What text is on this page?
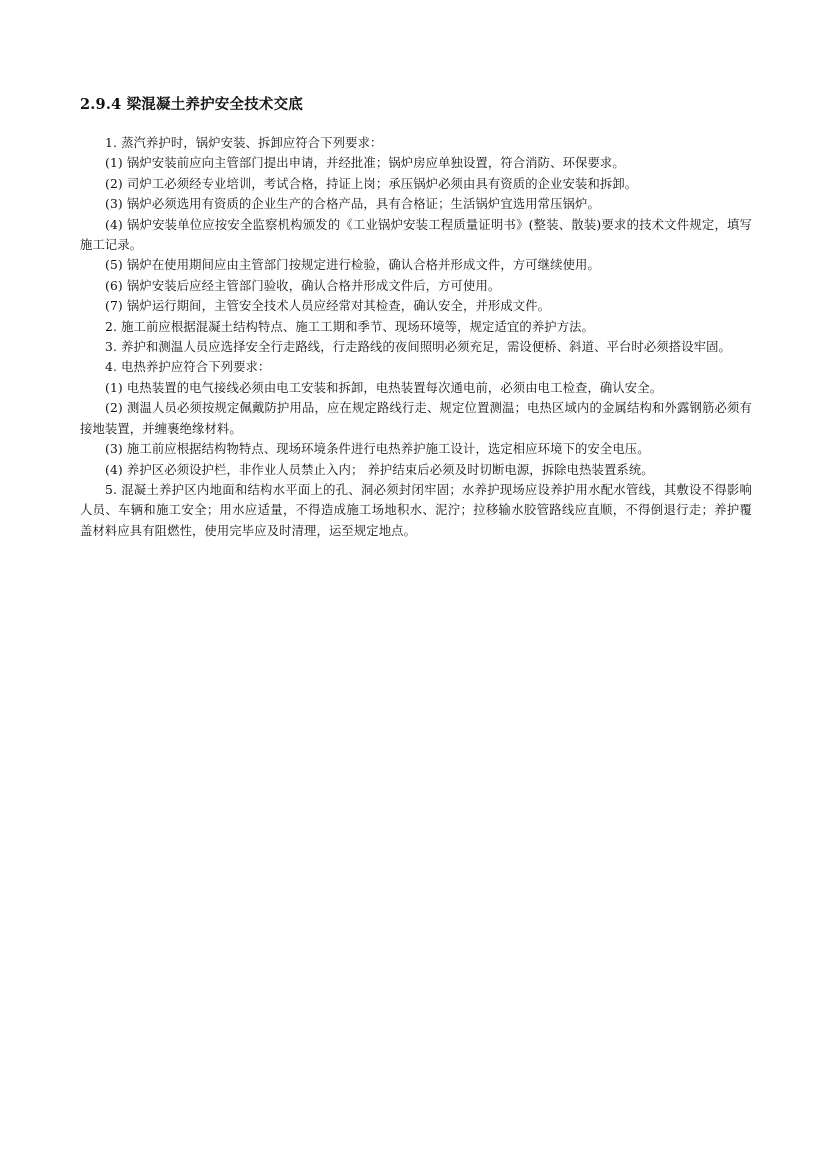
2.9.4 梁混凝土养护安全技术交底

1. 蒸汽养护时，锅炉安装、拆卸应符合下列要求：

(1) 锅炉安装前应向主管部门提出申请，并经批准；锅炉房应单独设置，符合消防、环保要求。

(2) 司炉工必须经专业培训，考试合格，持证上岗；承压锅炉必须由具有资质的企业安装和拆卸。

(3) 锅炉必须选用有资质的企业生产的合格产品，具有合格证；生活锅炉宜选用常压锅炉。

(4) 锅炉安装单位应按安全监察机构颁发的《工业锅炉安装工程质量证明书》(整装、散装)要求的技术文件规定，填写施工记录。

(5) 锅炉在使用期间应由主管部门按规定进行检验，确认合格并形成文件，方可继续使用。

(6) 锅炉安装后应经主管部门验收，确认合格并形成文件后，方可使用。

(7) 锅炉运行期间，主管安全技术人员应经常对其检查，确认安全，并形成文件。

2. 施工前应根据混凝土结构特点、施工工期和季节、现场环境等，规定适宜的养护方法。

3. 养护和测温人员应选择安全行走路线，行走路线的夜间照明必须充足，需设便桥、斜道、平台时必须搭设牢固。

4. 电热养护应符合下列要求：

(1) 电热装置的电气接线必须由电工安装和拆卸，电热装置每次通电前，必须由电工检查，确认安全。

(2) 测温人员必须按规定佩戴防护用品，应在规定路线行走、规定位置测温；电热区域内的金属结构和外露钢筋必须有接地装置，并缠裹绝缘材料。

(3) 施工前应根据结构物特点、现场环境条件进行电热养护施工设计，选定相应环境下的安全电压。

(4) 养护区必须设护栏，非作业人员禁止入内； 养护结束后必须及时切断电源，拆除电热装置系统。

5. 混凝土养护区内地面和结构水平面上的孔、洞必须封闭牢固；水养护现场应设养护用水配水管线，其敷设不得影响人员、车辆和施工安全；用水应适量，不得造成施工场地积水、泥泞；拉移输水胶管路线应直顺，不得倒退行走；养护覆盖材料应具有阻燃性，使用完毕应及时清理，运至规定地点。
